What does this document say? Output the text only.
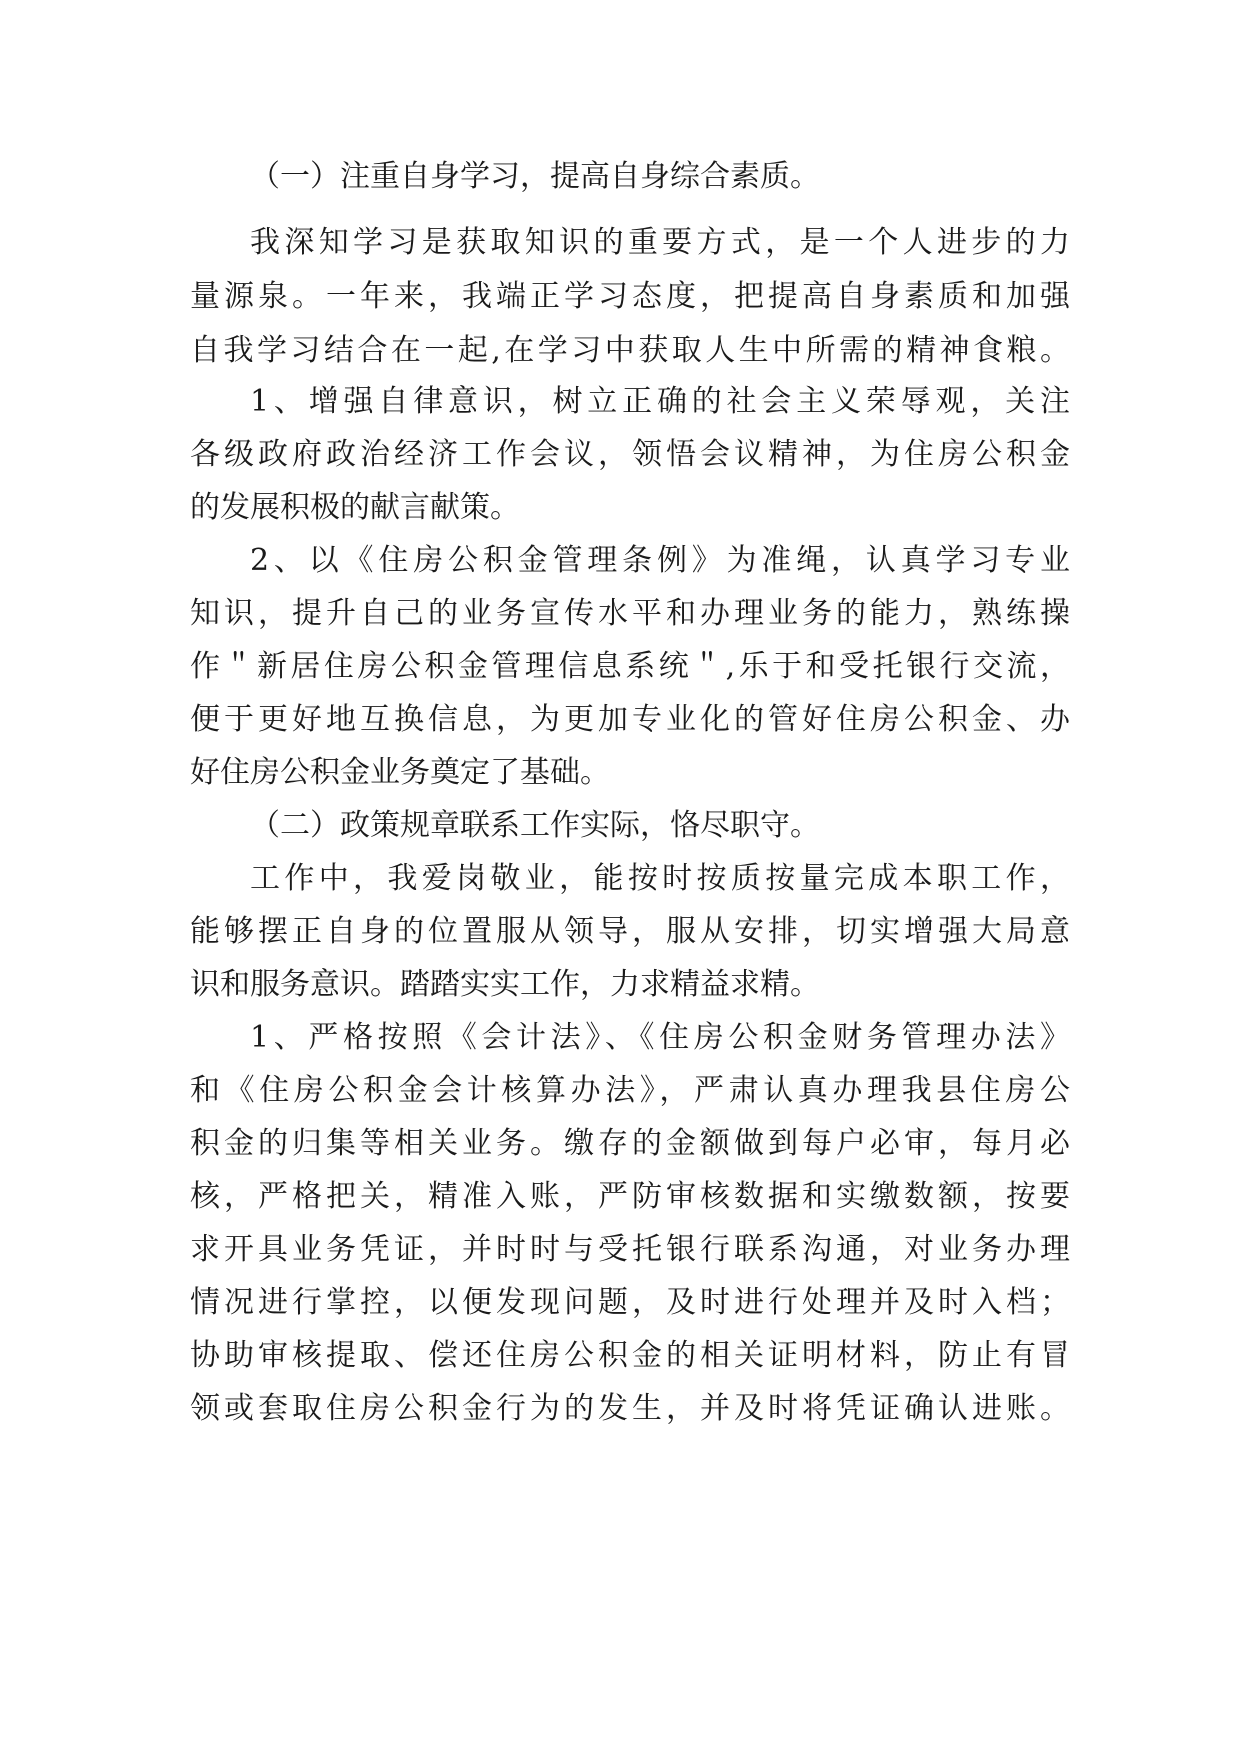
（一）注重自身学习，提高自身综合素质。
我深知学习是获取知识的重要方式，是一个人进步的力
量源泉。一年来，我端正学习态度，把提高自身素质和加强
自我学习结合在一起,在学习中获取人生中所需的精神食粮。
1、增强自律意识，树立正确的社会主义荣辱观，关注
各级政府政治经济工作会议，领悟会议精神，为住房公积金
的发展积极的献言献策。
2、以《住房公积金管理条例》为准绳，认真学习专业
知识，提升自己的业务宣传水平和办理业务的能力，熟练操
作＂新居住房公积金管理信息系统＂,乐于和受托银行交流，
便于更好地互换信息，为更加专业化的管好住房公积金、办
好住房公积金业务奠定了基础。
（二）政策规章联系工作实际，恪尽职守。
工作中，我爱岗敬业，能按时按质按量完成本职工作，
能够摆正自身的位置服从领导，服从安排，切实增强大局意
识和服务意识。踏踏实实工作，力求精益求精。
1、严格按照《会计法》、《住房公积金财务管理办法》
和《住房公积金会计核算办法》，严肃认真办理我县住房公
积金的归集等相关业务。缴存的金额做到每户必审，每月必
核，严格把关，精准入账，严防审核数据和实缴数额，按要
求开具业务凭证，并时时与受托银行联系沟通，对业务办理
情况进行掌控，以便发现问题，及时进行处理并及时入档；
协助审核提取、偿还住房公积金的相关证明材料，防止有冒
领或套取住房公积金行为的发生，并及时将凭证确认进账。
